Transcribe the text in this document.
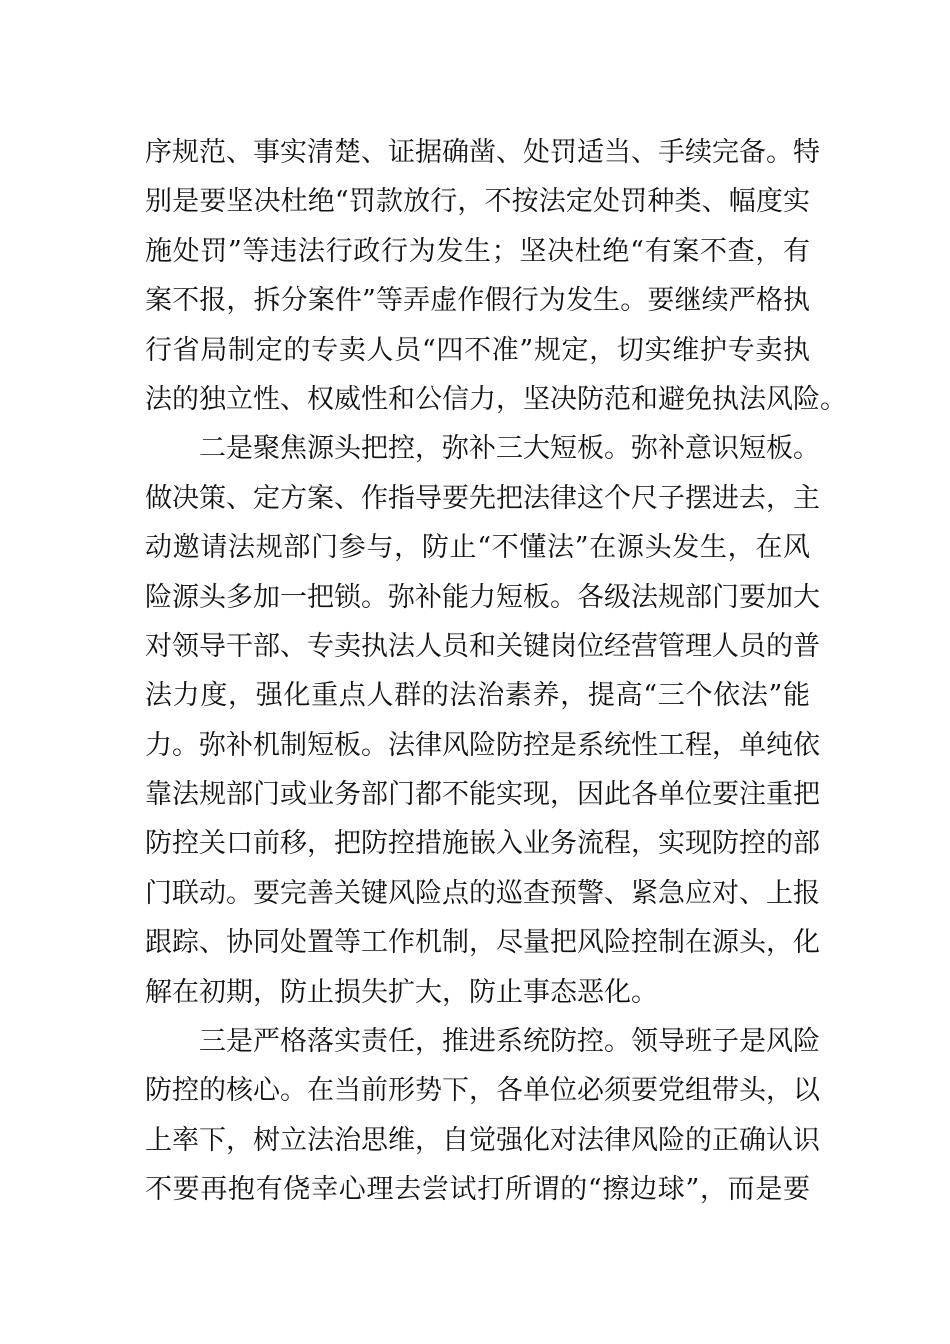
序规范、事实清楚、证据确凿、处罚适当、手续完备。特
别是要坚决杜绝“罚款放行，不按法定处罚种类、幅度实
施处罚”等违法行政行为发生；坚决杜绝“有案不查，有
案不报，拆分案件”等弄虚作假行为发生。要继续严格执
行省局制定的专卖人员“四不准”规定，切实维护专卖执
法的独立性、权威性和公信力，坚决防范和避免执法风险。
二是聚焦源头把控，弥补三大短板。弥补意识短板。
做决策、定方案、作指导要先把法律这个尺子摆进去，主
动邀请法规部门参与，防止“不懂法”在源头发生，在风
险源头多加一把锁。弥补能力短板。各级法规部门要加大
对领导干部、专卖执法人员和关键岗位经营管理人员的普
法力度，强化重点人群的法治素养，提高“三个依法”能
力。弥补机制短板。法律风险防控是系统性工程，单纯依
靠法规部门或业务部门都不能实现，因此各单位要注重把
防控关口前移，把防控措施嵌入业务流程，实现防控的部
门联动。要完善关键风险点的巡查预警、紧急应对、上报
跟踪、协同处置等工作机制，尽量把风险控制在源头，化
解在初期，防止损失扩大，防止事态恶化。
三是严格落实责任，推进系统防控。领导班子是风险
防控的核心。在当前形势下，各单位必须要党组带头，以
上率下，树立法治思维，自觉强化对法律风险的正确认识
不要再抱有侥幸心理去尝试打所谓的“擦边球”，而是要
